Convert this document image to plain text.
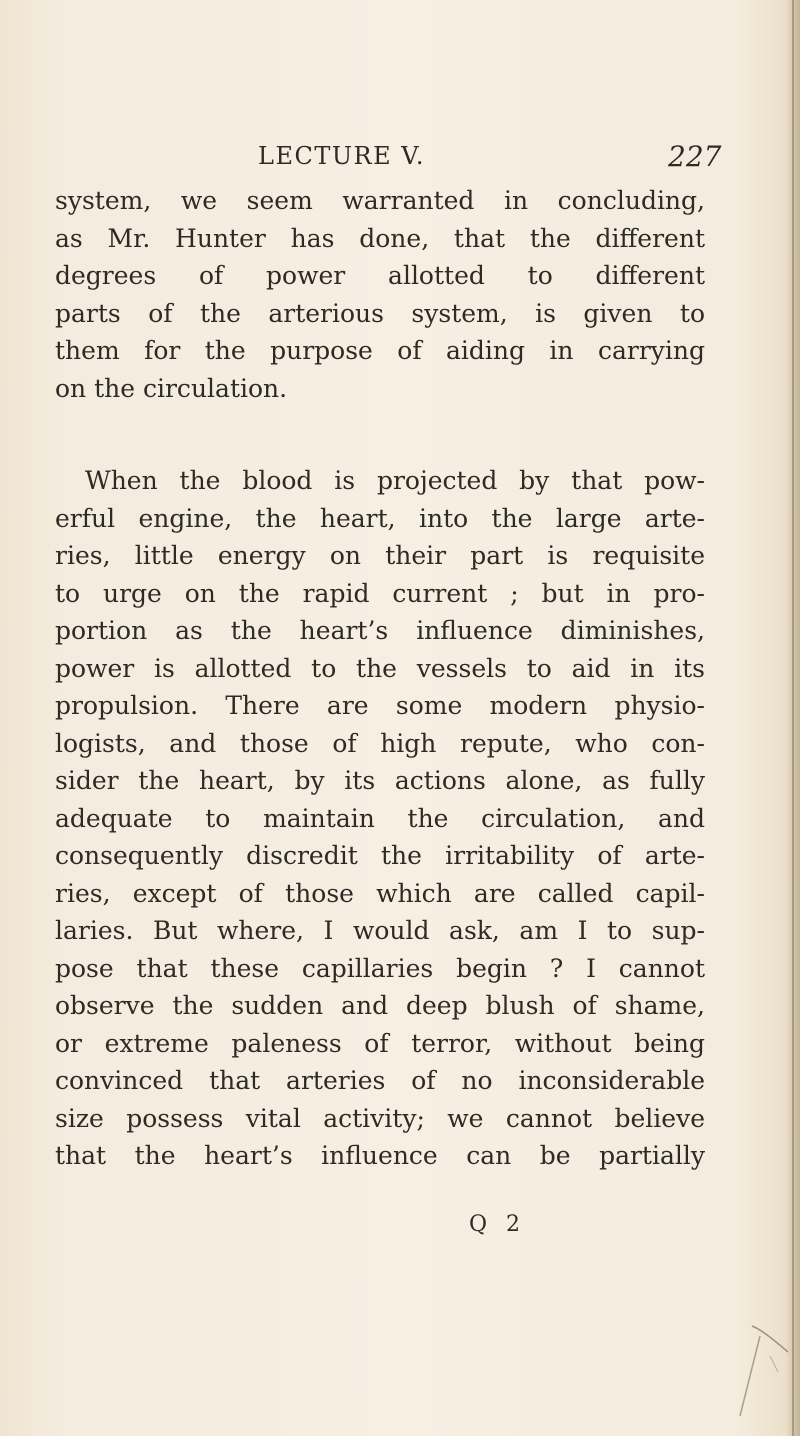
LECTURE V.	227
system, we seem warranted in concluding,
as Mr. Hunter has done, that the different
degrees of power allotted to different
parts of the arterious system, is given to
them for the purpose of aiding in carrying
on the circulation.
When the blood is projected by that pow-
erful engine, the heart, into the large arte-
ries, little energy on their part is requisite
to urge on the rapid current ; but in pro-
portion as the heart’s influence diminishes,
power is allotted to the vessels to aid in its
propulsion. There are some modern physio-
logists, and those of high repute, who con-
sider the heart, by its actions alone, as fully
adequate to maintain the circulation, and
consequently discredit the irritability of arte-
ries, except of those which are called capil-
laries. But where, I would ask, am I to sup-
pose that these capillaries begin ? I cannot
observe the sudden and deep blush of shame,
or extreme paleness of terror, without being
convinced that arteries of no inconsiderable
size possess vital activity; we cannot believe
that the heart’s influence can be partially
Q 2
